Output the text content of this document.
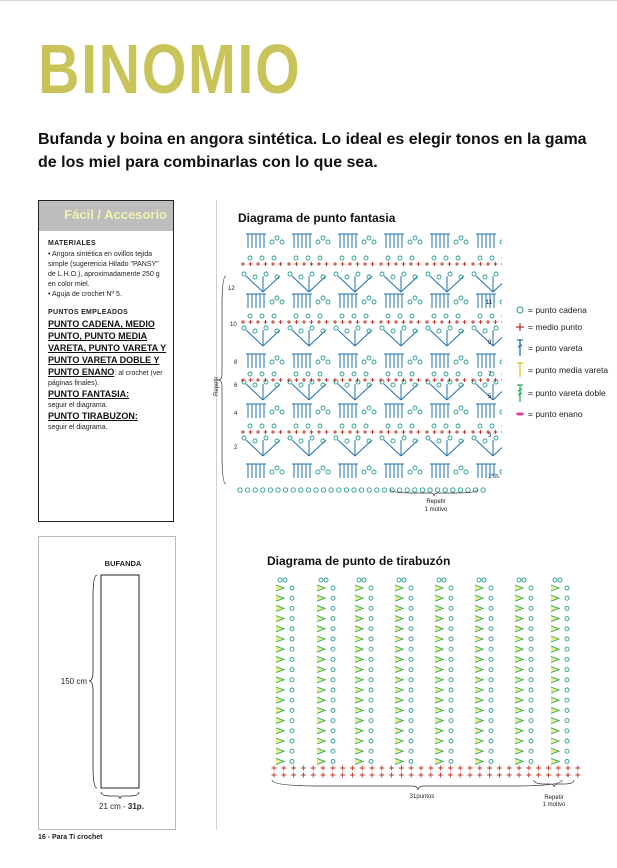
BINOMIO
Bufanda y boina en angora sintética. Lo ideal es elegir tonos en la gama de los miel para combinarlas con lo que sea.
Fácil / Accesorio
MATERIALES

• Angora sintética en ovillos tejida simple (sugerencia Hilado "PANSY" de L.H.O.), aproximadamente 250 g en color miel.

• Aguja de crochet Nº 5.

PUNTOS EMPLEADOS

PUNTO CADENA, MEDIO PUNTO, PUNTO MEDIA VARETA, PUNTO VARETA Y PUNTO VARETA DOBLE Y PUNTO ENANO: al crochet (ver páginas finales).

PUNTO FANTASIA:
seguir el diagrama.

PUNTO TIRABUZON:
seguir el diagrama.

BUFANDA
150 cm
21 cm - 31p.
Diagrama de punto fantasia
2
3
4
5
6
7
8
9
10
11
12
1ª h.
Repetir
Repetir
1 motivo
= punto cadena
= medio punto
= punto vareta
= punto media vareta
= punto vareta doble
= punto enano
Diagrama de punto de tirabuzón
31puntos	Repetir
1 motivo
16 - Para Ti crochet
